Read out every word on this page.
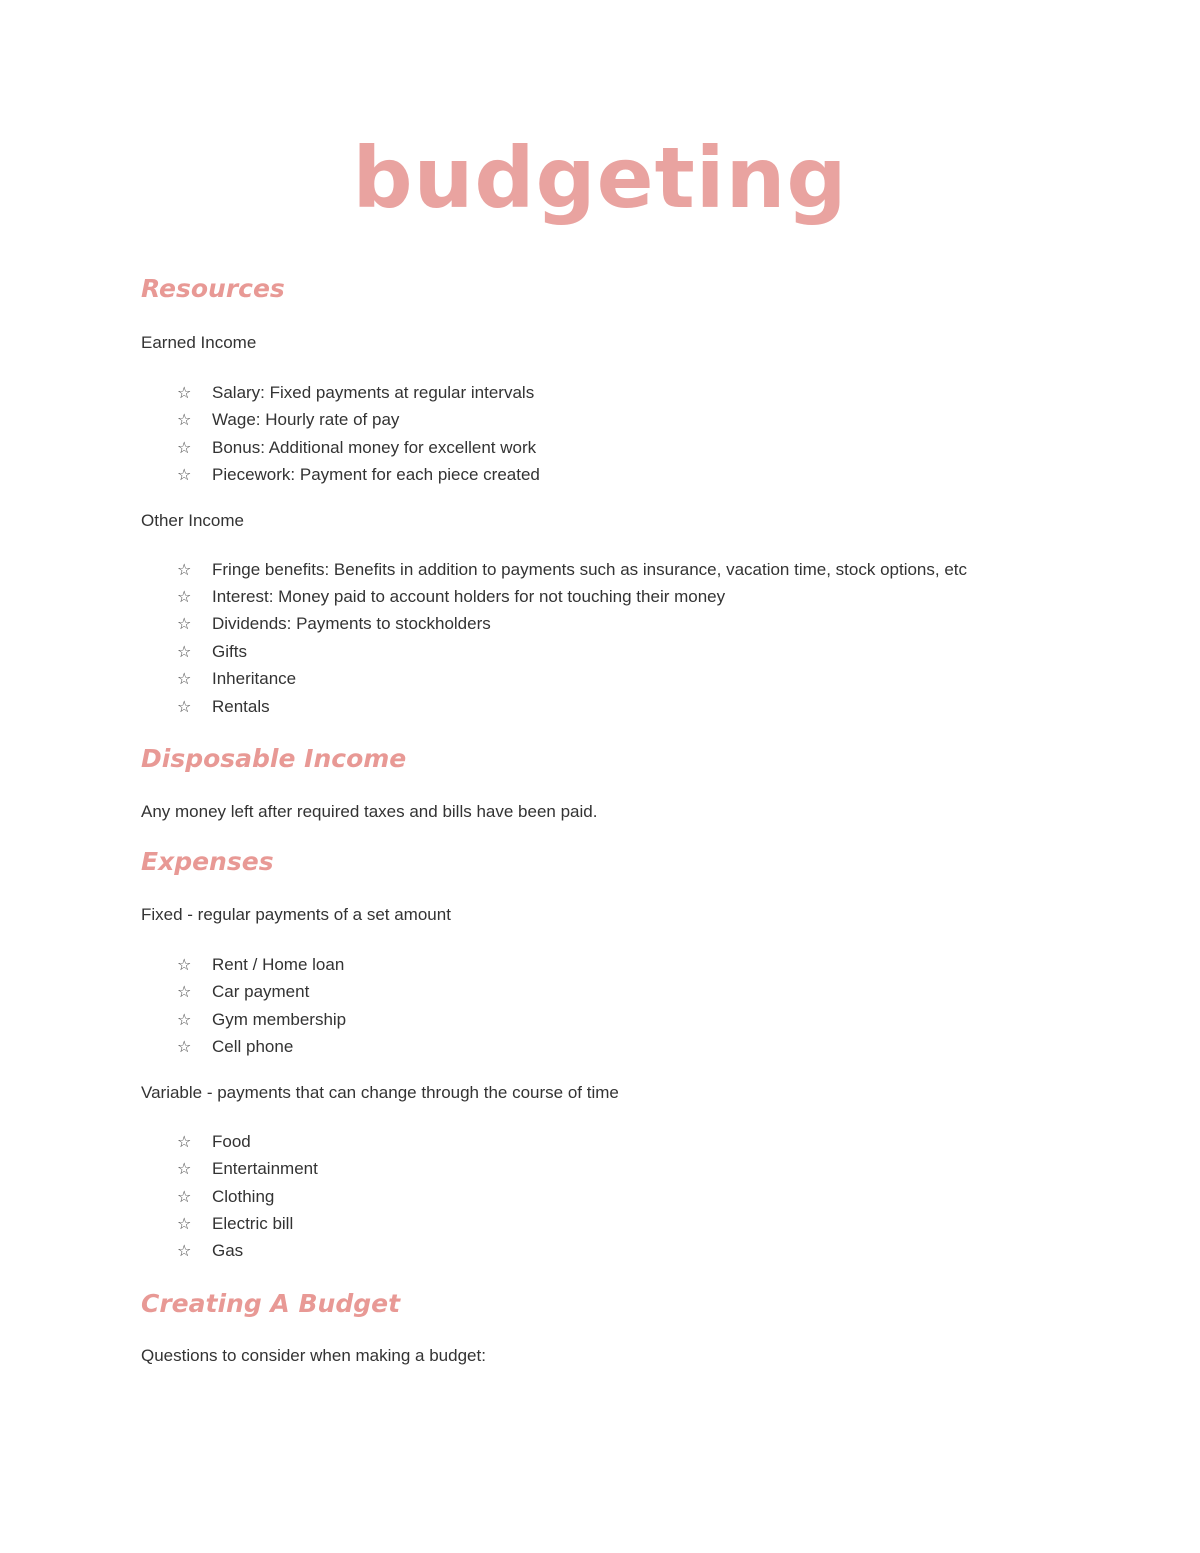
budgeting
Resources

Earned Income

☆ Salary: Fixed payments at regular intervals
☆ Wage: Hourly rate of pay
☆ Bonus: Additional money for excellent work
☆ Piecework: Payment for each piece created

Other Income

☆ Fringe benefits: Benefits in addition to payments such as insurance, vacation time, stock options, etc
☆ Interest: Money paid to account holders for not touching their money
☆ Dividends: Payments to stockholders
☆ Gifts
☆ Inheritance
☆ Rentals
Disposable Income

Any money left after required taxes and bills have been paid.

Expenses

Fixed - regular payments of a set amount

☆ Rent / Home loan
☆ Car payment
☆ Gym membership
☆ Cell phone

Variable - payments that can change through the course of time

☆ Food
☆ Entertainment
☆ Clothing
☆ Electric bill
☆ Gas
Creating A Budget

Questions to consider when making a budget:
